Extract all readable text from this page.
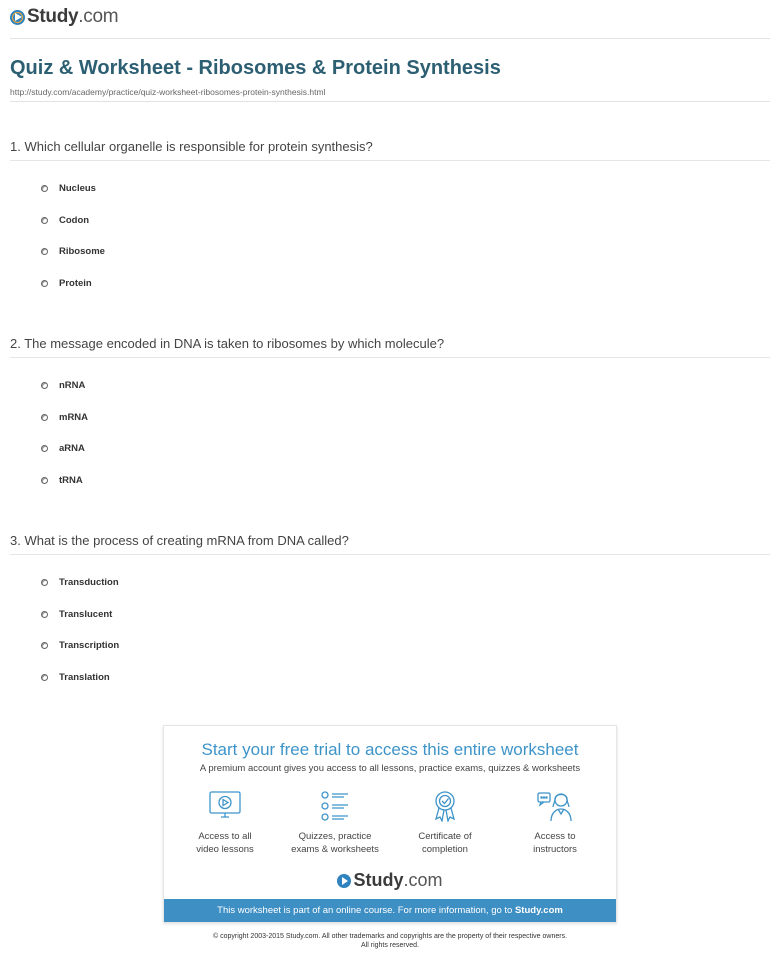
Study.com
Quiz & Worksheet - Ribosomes & Protein Synthesis
http://study.com/academy/practice/quiz-worksheet-ribosomes-protein-synthesis.html
1. Which cellular organelle is responsible for protein synthesis?
Nucleus
Codon
Ribosome
Protein
2. The message encoded in DNA is taken to ribosomes by which molecule?
nRNA
mRNA
aRNA
tRNA
3. What is the process of creating mRNA from DNA called?
Transduction
Translucent
Transcription
Translation
Start your free trial to access this entire worksheet
A premium account gives you access to all lessons, practice exams, quizzes & worksheets
Access to all
video lessons
Quizzes, practice
exams & worksheets
Certificate of
completion
Access to
instructors
Study.com
This worksheet is part of an online course. For more information, go to Study.com
© copyright 2003-2015 Study.com. All other trademarks and copyrights are the property of their respective owners.
All rights reserved.
